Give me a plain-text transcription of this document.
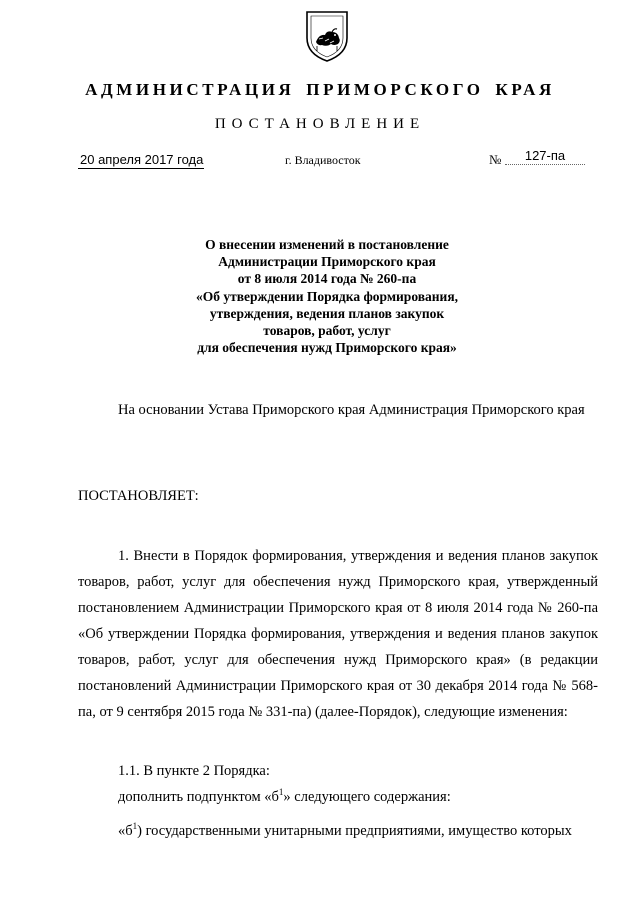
АДМИНИСТРАЦИЯ ПРИМОРСКОГО КРАЯ
ПОСТАНОВЛЕНИЕ
20 апреля 2017 года	г. Владивосток	№	127-па
О внесении изменений в постановление
Администрации Приморского края
от 8 июля 2014 года № 260-па
«Об утверждении Порядка формирования,
утверждения, ведения планов закупок
товаров, работ, услуг
для обеспечения нужд Приморского края»
На основании Устава Приморского края Администрация Приморского края
ПОСТАНОВЛЯЕТ:
1. Внести в Порядок формирования, утверждения и ведения планов закупок товаров, работ, услуг для обеспечения нужд Приморского края, утвержденный постановлением Администрации Приморского края от 8 июля 2014 года № 260-па «Об утверждении Порядка формирования, утверждения и ведения планов закупок товаров, работ, услуг для обеспечения нужд Приморского края» (в редакции постановлений Администрации Приморского края от 30 декабря 2014 года № 568-па, от 9 сентября 2015 года № 331-па) (далее-Порядок), следующие изменения:
1.1. В пункте 2 Порядка:
дополнить подпунктом «$б^1$» следующего содержания:
«$б^1$) государственными унитарными предприятиями, имущество которых
